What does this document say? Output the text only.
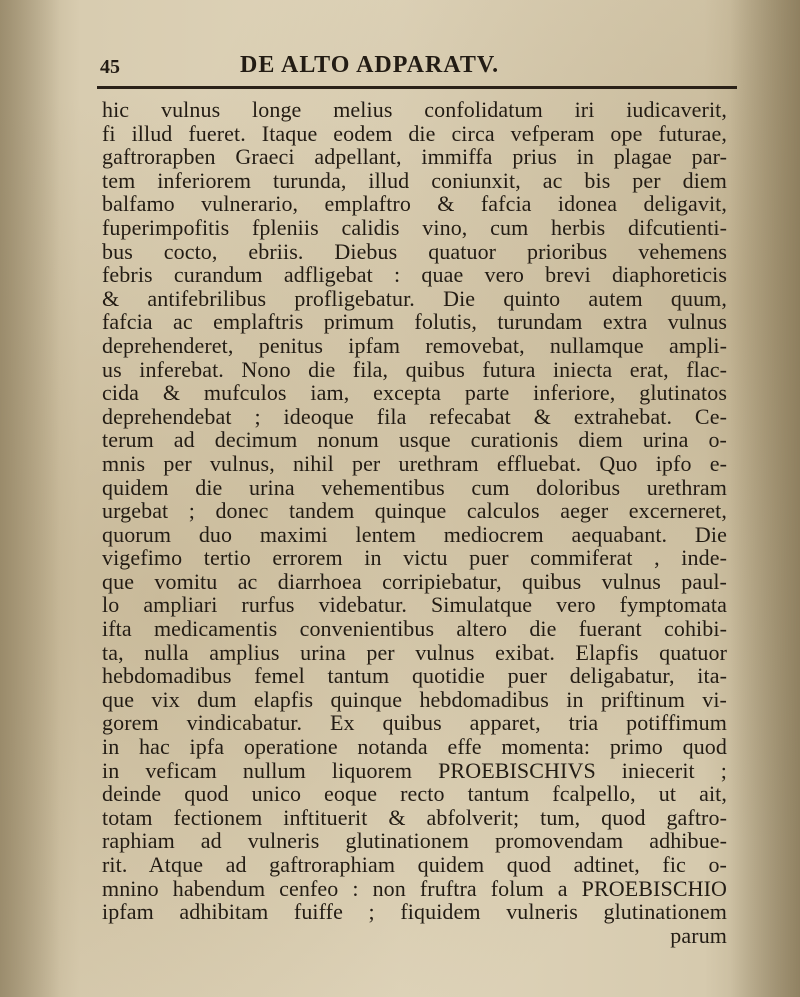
45	DE ALTO ADPARATV.
hic vulnus longe melius confolidatum iri iudicaverit,
fi illud fueret. Itaque eodem die circa vefperam ope futurae,
gaftrorapben Graeci adpellant, immiffa prius in plagae par-
tem inferiorem turunda, illud coniunxit, ac bis per diem
balfamo vulnerario, emplaftro & fafcia idonea deligavit,
fuperimpofitis fpleniis calidis vino, cum herbis difcutienti-
bus cocto, ebriis. Diebus quatuor prioribus vehemens
febris curandum adfligebat : quae vero brevi diaphoreticis
& antifebrilibus profligebatur. Die quinto autem quum,
fafcia ac emplaftris primum folutis, turundam extra vulnus
deprehenderet, penitus ipfam removebat, nullamque ampli-
us inferebat. Nono die fila, quibus futura iniecta erat, flac-
cida & mufculos iam, excepta parte inferiore, glutinatos
deprehendebat ; ideoque fila refecabat & extrahebat. Ce-
terum ad decimum nonum usque curationis diem urina o-
mnis per vulnus, nihil per urethram effluebat. Quo ipfo e-
quidem die urina vehementibus cum doloribus urethram
urgebat ; donec tandem quinque calculos aeger excerneret,
quorum duo maximi lentem mediocrem aequabant. Die
vigefimo tertio errorem in victu puer commiferat , inde-
que vomitu ac diarrhoea corripiebatur, quibus vulnus paul-
lo ampliari rurfus videbatur. Simulatque vero fymptomata
ifta medicamentis convenientibus altero die fuerant cohibi-
ta, nulla amplius urina per vulnus exibat. Elapfis quatuor
hebdomadibus femel tantum quotidie puer deligabatur, ita-
que vix dum elapfis quinque hebdomadibus in priftinum vi-
gorem vindicabatur. Ex quibus apparet, tria potiffimum
in hac ipfa operatione notanda effe momenta: primo quod
in veficam nullum liquorem PROEBISCHIVS iniecerit ;
deinde quod unico eoque recto tantum fcalpello, ut ait,
totam fectionem inftituerit & abfolverit; tum, quod gaftro-
raphiam ad vulneris glutinationem promovendam adhibue-
rit. Atque ad gaftroraphiam quidem quod adtinet, fic o-
mnino habendum cenfeo : non fruftra folum a PROEBISCHIO
ipfam adhibitam fuiffe ; fiquidem vulneris glutinationem
parum
